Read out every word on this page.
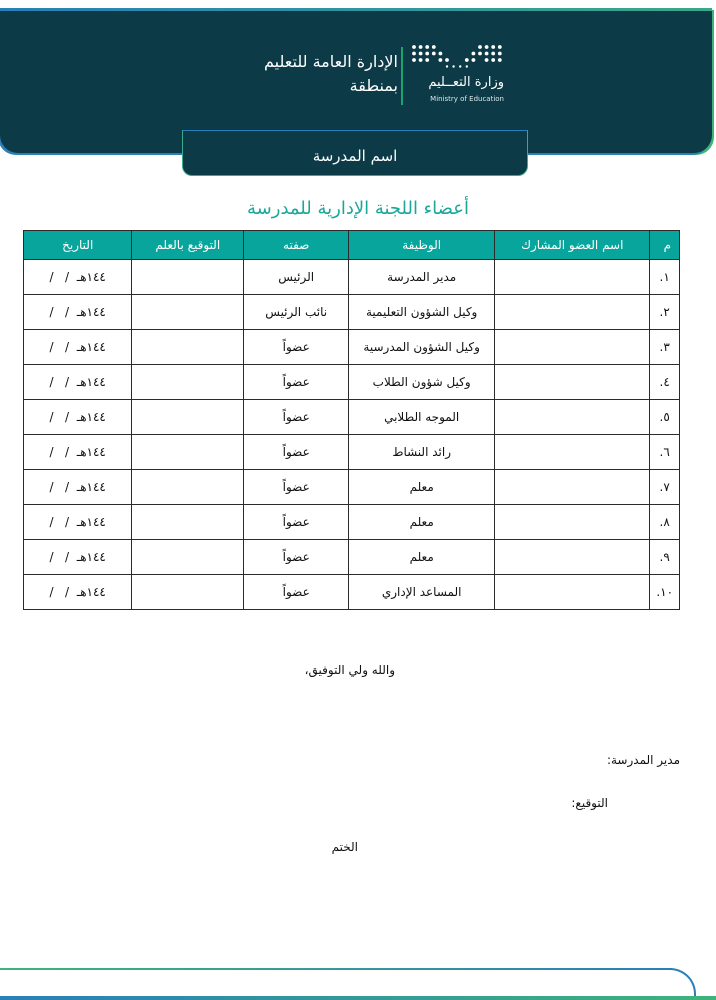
الإدارة العامة للتعليم
بمنطقة	وزارة التعــليم
Ministry of Education
اسم المدرسة
أعضاء اللجنة الإدارية للمدرسة
م	اسم العضو المشارك	الوظيفة	صفته	التوقيع بالعلم	التاريخ
١.		مدير المدرسة	الرئيس		/   /  ١٤٤هـ
٢.		وكيل الشؤون التعليمية	نائب الرئيس		/   /  ١٤٤هـ
٣.		وكيل الشؤون المدرسية	عضواً		/   /  ١٤٤هـ
٤.		وكيل شؤون الطلاب	عضواً		/   /  ١٤٤هـ
٥.		الموجه الطلابي	عضواً		/   /  ١٤٤هـ
٦.		رائد النشاط	عضواً		/   /  ١٤٤هـ
٧.		معلم	عضواً		/   /  ١٤٤هـ
٨.		معلم	عضواً		/   /  ١٤٤هـ
٩.		معلم	عضواً		/   /  ١٤٤هـ
١٠.		المساعد الإداري	عضواً		/   /  ١٤٤هـ
والله ولي التوفيق،
مدير المدرسة:
التوقيع:
الختم
